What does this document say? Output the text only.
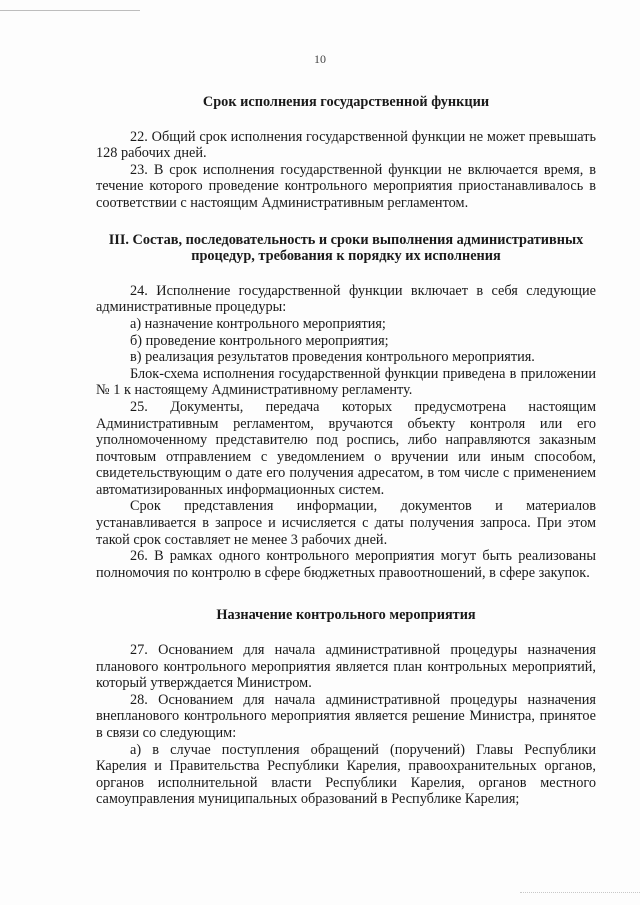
10

Срок исполнения государственной функции

22. Общий срок исполнения государственной функции не может превышать 128 рабочих дней.

23. В срок исполнения государственной функции не включается время, в течение которого проведение контрольного мероприятия приостанавливалось в соответствии с настоящим Административным регламентом.

III. Состав, последовательность и сроки выполнения административных процедур, требования к порядку их исполнения

24. Исполнение государственной функции включает в себя следующие административные процедуры:

а) назначение контрольного мероприятия;

б) проведение контрольного мероприятия;

в) реализация результатов проведения контрольного мероприятия.

Блок-схема исполнения государственной функции приведена в приложении № 1 к настоящему Административному регламенту.

25. Документы, передача которых предусмотрена настоящим Административным регламентом, вручаются объекту контроля или его уполномоченному представителю под роспись, либо направляются заказным почтовым отправлением с уведомлением о вручении или иным способом, свидетельствующим о дате его получения адресатом, в том числе с применением автоматизированных информационных систем.

Срок представления информации, документов и материалов устанавливается в запросе и исчисляется с даты получения запроса. При этом такой срок составляет не менее 3 рабочих дней.

26. В рамках одного контрольного мероприятия могут быть реализованы полномочия по контролю в сфере бюджетных правоотношений, в сфере закупок.

Назначение контрольного мероприятия

27. Основанием для начала административной процедуры назначения планового контрольного мероприятия является план контрольных мероприятий, который утверждается Министром.

28. Основанием для начала административной процедуры назначения внепланового контрольного мероприятия является решение Министра, принятое в связи со следующим:

а) в случае поступления обращений (поручений) Главы Республики Карелия и Правительства Республики Карелия, правоохранительных органов, органов исполнительной власти Республики Карелия, органов местного самоуправления муниципальных образований в Республике Карелия;
